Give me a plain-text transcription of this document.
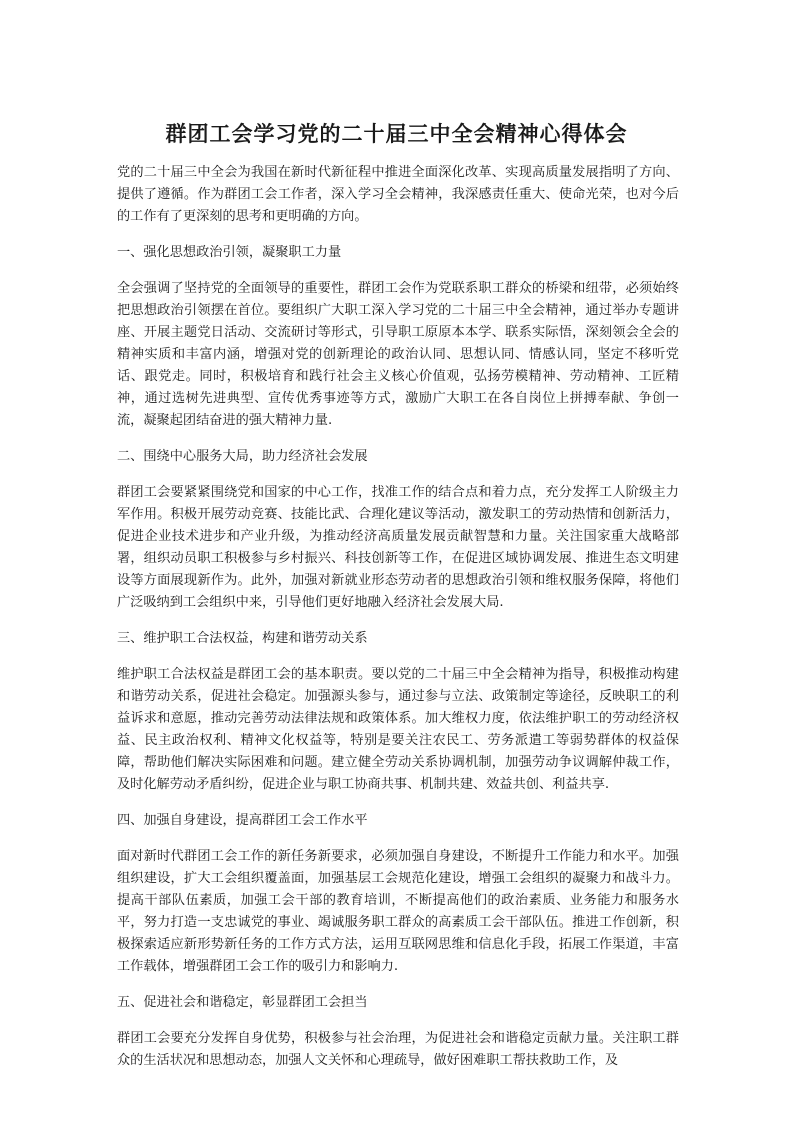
群团工会学习党的二十届三中全会精神心得体会

党的二十届三中全会为我国在新时代新征程中推进全面深化改革、实现高质量发展指明了方向、提供了遵循。作为群团工会工作者，深入学习全会精神，我深感责任重大、使命光荣，也对今后的工作有了更深刻的思考和更明确的方向。

一、强化思想政治引领，凝聚职工力量

全会强调了坚持党的全面领导的重要性，群团工会作为党联系职工群众的桥梁和纽带，必须始终把思想政治引领摆在首位。要组织广大职工深入学习党的二十届三中全会精神，通过举办专题讲座、开展主题党日活动、交流研讨等形式，引导职工原原本本学、联系实际悟，深刻领会全会的精神实质和丰富内涵，增强对党的创新理论的政治认同、思想认同、情感认同，坚定不移听党话、跟党走。同时，积极培育和践行社会主义核心价值观，弘扬劳模精神、劳动精神、工匠精神，通过选树先进典型、宣传优秀事迹等方式，激励广大职工在各自岗位上拼搏奉献、争创一流，凝聚起团结奋进的强大精神力量.

二、围绕中心服务大局，助力经济社会发展

群团工会要紧紧围绕党和国家的中心工作，找准工作的结合点和着力点，充分发挥工人阶级主力军作用。积极开展劳动竞赛、技能比武、合理化建议等活动，激发职工的劳动热情和创新活力，促进企业技术进步和产业升级，为推动经济高质量发展贡献智慧和力量。关注国家重大战略部署，组织动员职工积极参与乡村振兴、科技创新等工作，在促进区域协调发展、推进生态文明建设等方面展现新作为。此外，加强对新就业形态劳动者的思想政治引领和维权服务保障，将他们广泛吸纳到工会组织中来，引导他们更好地融入经济社会发展大局.

三、维护职工合法权益，构建和谐劳动关系

维护职工合法权益是群团工会的基本职责。要以党的二十届三中全会精神为指导，积极推动构建和谐劳动关系，促进社会稳定。加强源头参与，通过参与立法、政策制定等途径，反映职工的利益诉求和意愿，推动完善劳动法律法规和政策体系。加大维权力度，依法维护职工的劳动经济权益、民主政治权利、精神文化权益等，特别是要关注农民工、劳务派遣工等弱势群体的权益保障，帮助他们解决实际困难和问题。建立健全劳动关系协调机制，加强劳动争议调解仲裁工作，及时化解劳动矛盾纠纷，促进企业与职工协商共事、机制共建、效益共创、利益共享.

四、加强自身建设，提高群团工会工作水平

面对新时代群团工会工作的新任务新要求，必须加强自身建设，不断提升工作能力和水平。加强组织建设，扩大工会组织覆盖面，加强基层工会规范化建设，增强工会组织的凝聚力和战斗力。提高干部队伍素质，加强工会干部的教育培训，不断提高他们的政治素质、业务能力和服务水平，努力打造一支忠诚党的事业、竭诚服务职工群众的高素质工会干部队伍。推进工作创新，积极探索适应新形势新任务的工作方式方法，运用互联网思维和信息化手段，拓展工作渠道，丰富工作载体，增强群团工会工作的吸引力和影响力.

五、促进社会和谐稳定，彰显群团工会担当

群团工会要充分发挥自身优势，积极参与社会治理，为促进社会和谐稳定贡献力量。关注职工群众的生活状况和思想动态，加强人文关怀和心理疏导，做好困难职工帮扶救助工作，及
